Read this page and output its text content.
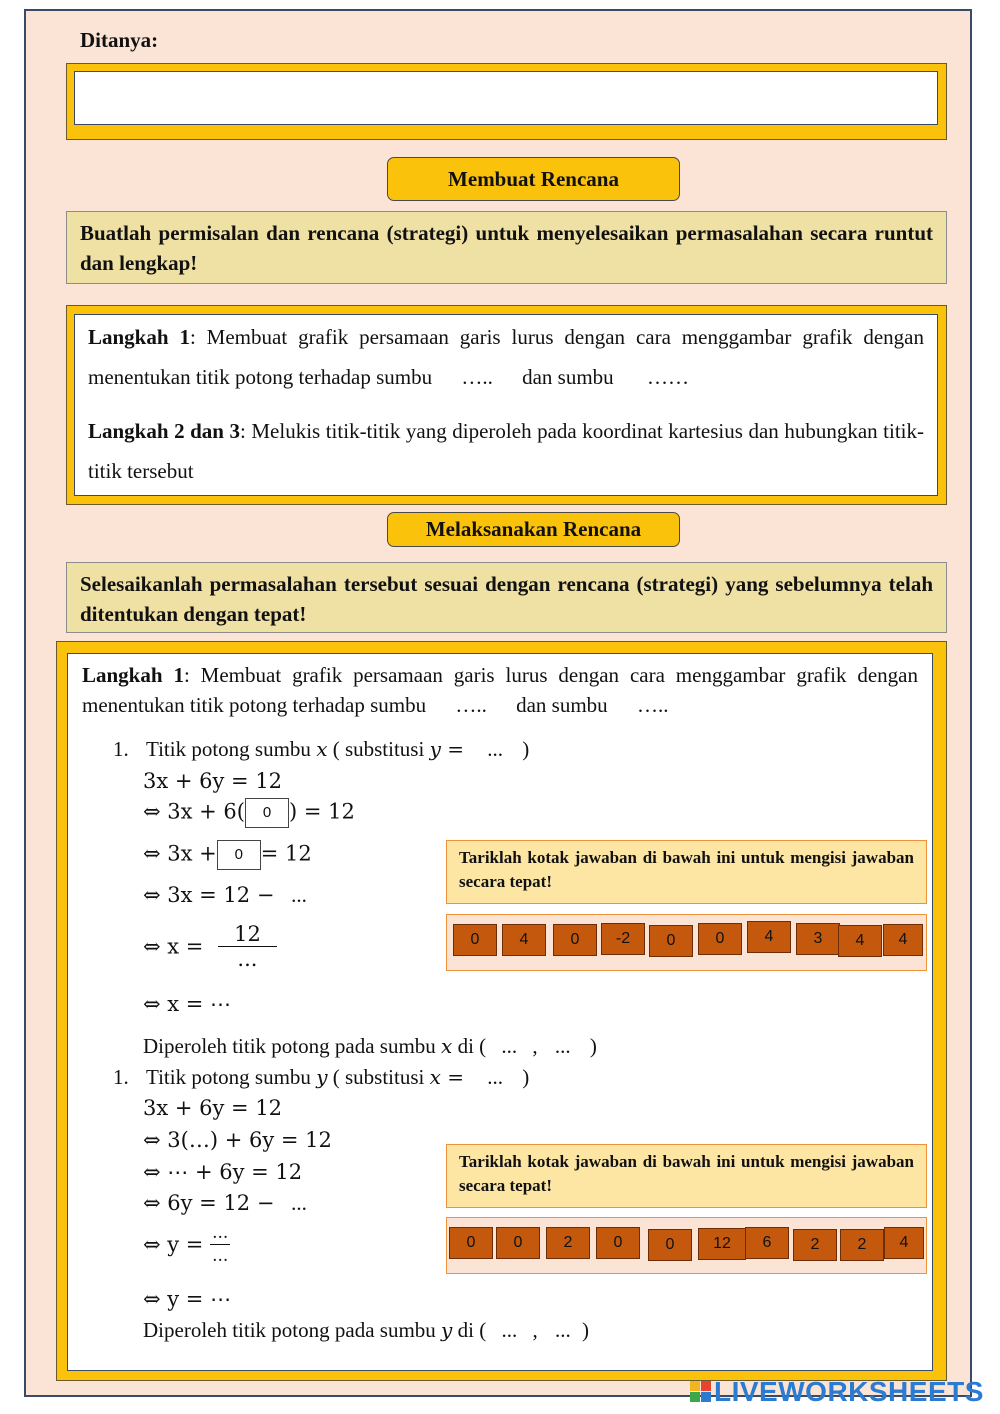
Ditanya:
Membuat Rencana
Buatlah permisalan dan rencana (strategi) untuk menyelesaikan permasalahan secara runtut dan lengkap!
Langkah 1: Membuat grafik persamaan garis lurus dengan cara menggambar grafik dengan menentukan titik potong terhadap sumbu ….. dan sumbu ……
Langkah 2 dan 3: Melukis titik-titik yang diperoleh pada koordinat kartesius dan hubungkan titik-titik tersebut
Melaksanakan Rencana
Selesaikanlah permasalahan tersebut sesuai dengan rencana (strategi) yang sebelumnya telah ditentukan dengan tepat!
Langkah 1: Membuat grafik persamaan garis lurus dengan cara menggambar grafik dengan menentukan titik potong terhadap sumbu ….. dan sumbu …..
1. Titik potong sumbu x ( substitusi y = ... )
3x + 6y = 12
⇔ 3x + 6( 0 ) = 12
⇔ 3x + 0 = 12
⇔ 3x = 12 − ...
⇔ $x = \frac{12}{...}$
⇔ x = ⋯
Diperoleh titik potong pada sumbu x di ( ... , ... )
1. Titik potong sumbu y ( substitusi x = ... )
3x + 6y = 12
⇔ 3(…) + 6y = 12
⇔ ⋯ + 6y = 12
⇔ 6y = 12 − ...
⇔ $y = \frac{...}{...}$
⇔ y = ⋯
Diperoleh titik potong pada sumbu y di ( ... , ... )
Tariklah kotak jawaban di bawah ini untuk mengisi jawaban secara tepat!
0	4	0	-2	0	0	4	3	4	4
Tariklah kotak jawaban di bawah ini untuk mengisi jawaban secara tepat!
0	0	2	0	0	12	6	2	2	4
LIVEWORKSHEETS
